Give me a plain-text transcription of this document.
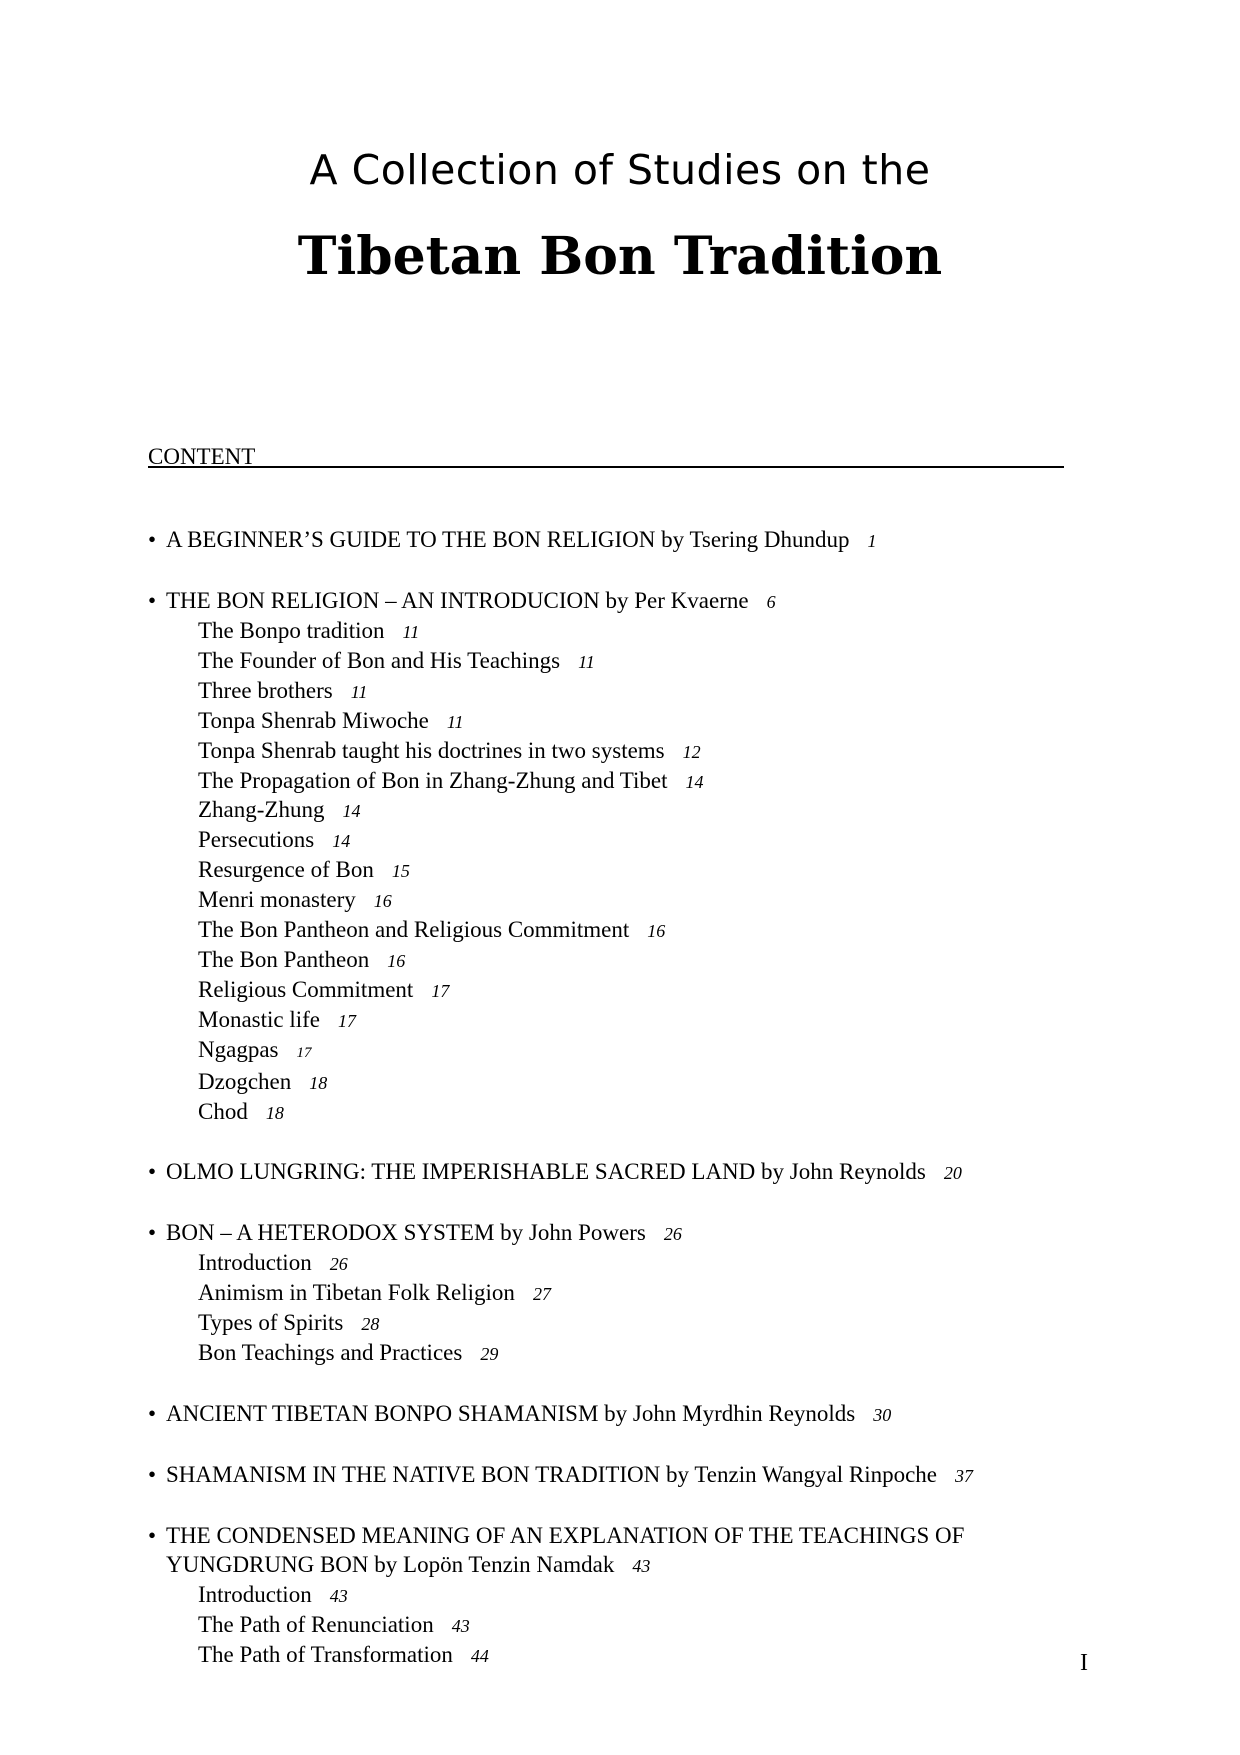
A Collection of Studies on the
Tibetan Bon Tradition
CONTENT
• A BEGINNER’S GUIDE TO THE BON RELIGION by Tsering Dhundup 1
• THE BON RELIGION – AN INTRODUCION by Per Kvaerne 6
The Bonpo tradition 11
The Founder of Bon and His Teachings 11
Three brothers 11
Tonpa Shenrab Miwoche 11
Tonpa Shenrab taught his doctrines in two systems 12
The Propagation of Bon in Zhang-Zhung and Tibet 14
Zhang-Zhung 14
Persecutions 14
Resurgence of Bon 15
Menri monastery 16
The Bon Pantheon and Religious Commitment 16
The Bon Pantheon 16
Religious Commitment 17
Monastic life 17
Ngagpas 17
Dzogchen 18
Chod 18
• OLMO LUNGRING: THE IMPERISHABLE SACRED LAND by John Reynolds 20
• BON – A HETERODOX SYSTEM by John Powers 26
Introduction 26
Animism in Tibetan Folk Religion 27
Types of Spirits 28
Bon Teachings and Practices 29
• ANCIENT TIBETAN BONPO SHAMANISM by John Myrdhin Reynolds 30
• SHAMANISM IN THE NATIVE BON TRADITION by Tenzin Wangyal Rinpoche 37
• THE CONDENSED MEANING OF AN EXPLANATION OF THE TEACHINGS OF
YUNGDRUNG BON by Lopön Tenzin Namdak 43
Introduction 43
The Path of Renunciation 43
The Path of Transformation 44	I
